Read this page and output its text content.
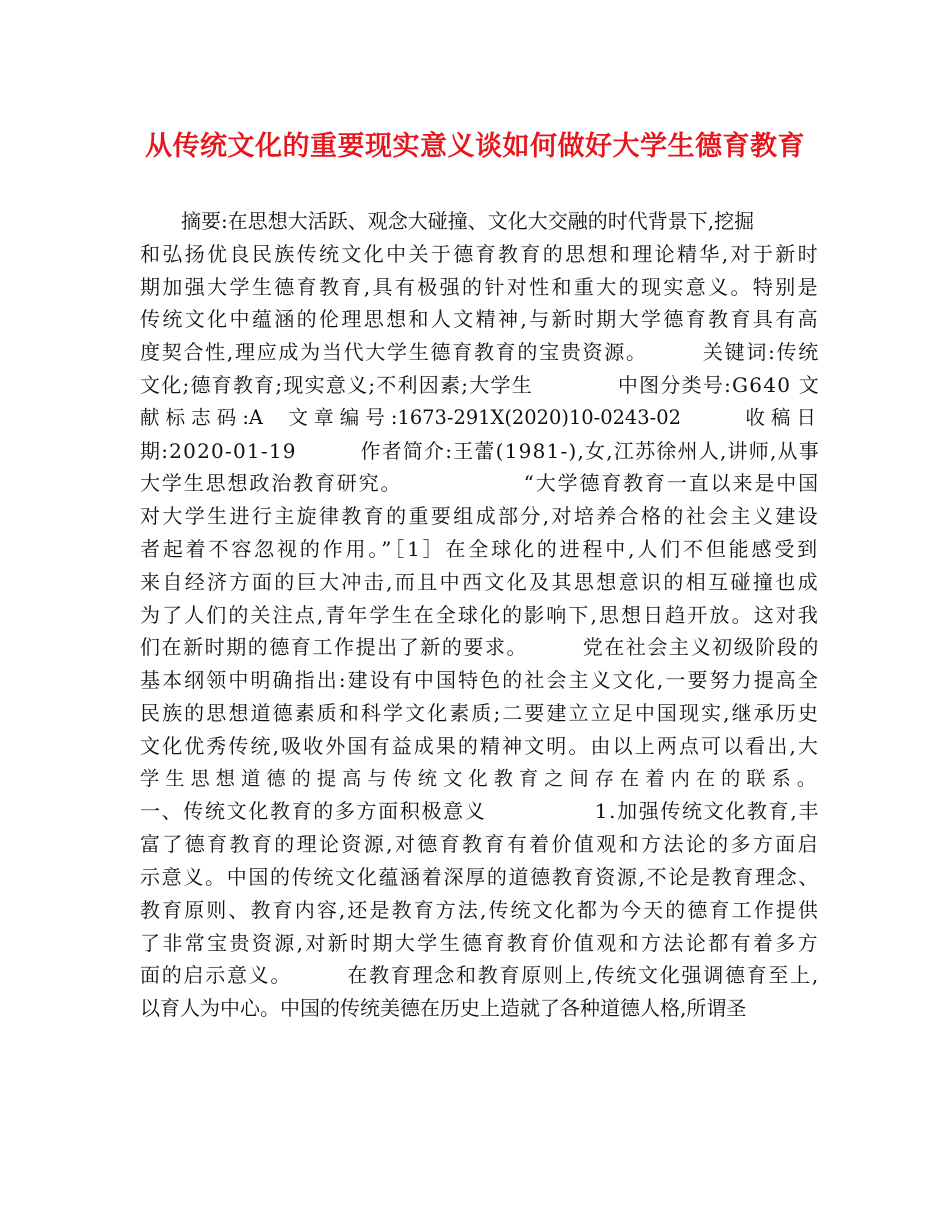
从传统文化的重要现实意义谈如何做好大学生德育教育
摘要:在思想大活跃、观念大碰撞、文化大交融的时代背景下,挖掘
和弘扬优良民族传统文化中关于德育教育的思想和理论精华,对于新时
期加强大学生德育教育,具有极强的针对性和重大的现实意义。特别是
传统文化中蕴涵的伦理思想和人文精神,与新时期大学德育教育具有高
度契合性,理应成为当代大学生德育教育的宝贵资源。　　　关键词:传统
文化;德育教育;现实意义;不利因素;大学生　　　　中图分类号:G640 文
献 标 志 码 :A　 文 章 编 号 :1673-291X(2020)10-0243-02　　　 收 稿 日
期:2020-01-19　　　作者简介:王蕾(1981-),女,江苏徐州人,讲师,从事
大学生思想政治教育研究。　　　　　　“大学德育教育一直以来是中国
对大学生进行主旋律教育的重要组成部分,对培养合格的社会主义建设
者起着不容忽视的作用。”［1］在全球化的进程中,人们不但能感受到
来自经济方面的巨大冲击,而且中西文化及其思想意识的相互碰撞也成
为了人们的关注点,青年学生在全球化的影响下,思想日趋开放。这对我
们在新时期的德育工作提出了新的要求。　　　党在社会主义初级阶段的
基本纲领中明确指出:建设有中国特色的社会主义文化,一要努力提高全
民族的思想道德素质和科学文化素质;二要建立立足中国现实,继承历史
文化优秀传统,吸收外国有益成果的精神文明。由以上两点可以看出,大
学 生 思 想 道 德 的 提 高 与 传 统 文 化 教 育 之 间 存 在 着 内 在 的 联 系 。
一、传统文化教育的多方面积极意义　　　　　1.加强传统文化教育,丰
富了德育教育的理论资源,对德育教育有着价值观和方法论的多方面启
示意义。中国的传统文化蕴涵着深厚的道德教育资源,不论是教育理念、
教育原则、教育内容,还是教育方法,传统文化都为今天的德育工作提供
了非常宝贵资源,对新时期大学生德育教育价值观和方法论都有着多方
面的启示意义。　　　在教育理念和教育原则上,传统文化强调德育至上,
以育人为中心。中国的传统美德在历史上造就了各种道德人格,所谓圣
